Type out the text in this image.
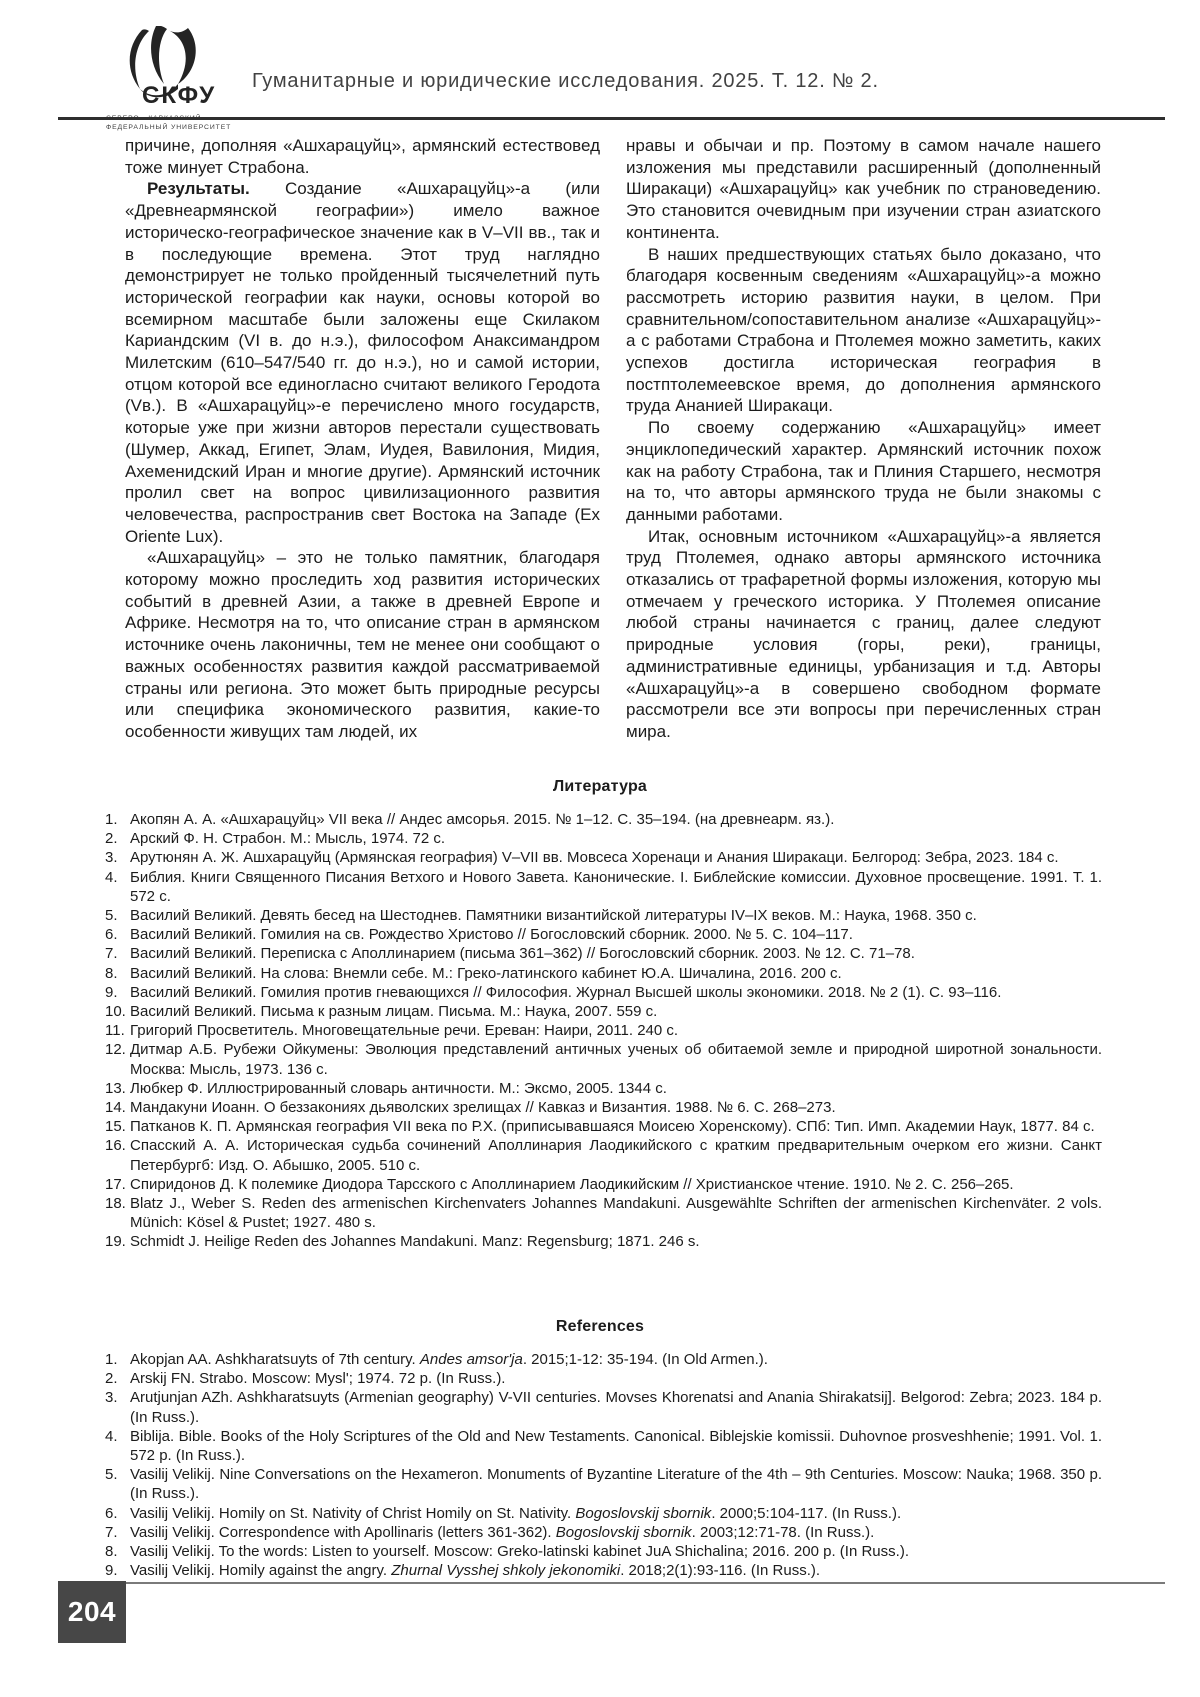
СКФУ
ФЕДЕРАЛЬНЫЙ УНИВЕРСИТЕТ
Гуманитарные и юридические исследования. 2025. Т. 12. № 2.

причине, дополняя «Ашхарацуйц», армянский естествовед тоже минует Страбона.

Результаты. Создание «Ашхарацуйц»-а (или «Древнеармянской географии») имело важное историческо-географическое значение как в V–VII вв., так и в последующие времена. Этот труд наглядно демонстрирует не только пройденный тысячелетний путь исторической географии как науки, основы которой во всемирном масштабе были заложены еще Скилаком Кариандским (VI в. до н.э.), философом Анаксимандром Милетским (610–547/540 гг. до н.э.), но и самой истории, отцом которой все единогласно считают великого Геродота (Vв.). В «Ашхарацуйц»-е перечислено много государств, которые уже при жизни авторов перестали существовать (Шумер, Аккад, Египет, Элам, Иудея, Вавилония, Мидия, Ахеменидский Иран и многие другие). Армянский источник пролил свет на вопрос цивилизационного развития человечества, распространив свет Востока на Западе (Ex Oriente Lux).

«Ашхарацуйц» – это не только памятник, благодаря которому можно проследить ход развития исторических событий в древней Азии, а также в древней Европе и Африке. Несмотря на то, что описание стран в армянском источнике очень лаконичны, тем не менее они сообщают о важных особенностях развития каждой рассматриваемой страны или региона. Это может быть природные ресурсы или специфика экономического развития, какие-то особенности живущих там людей, их

нравы и обычаи и пр. Поэтому в самом начале нашего изложения мы представили расширенный (дополненный Ширакаци) «Ашхарацуйц» как учебник по страноведению. Это становится очевидным при изучении стран азиатского континента.

В наших предшествующих статьях было доказано, что благодаря косвенным сведениям «Ашхарацуйц»-а можно рассмотреть историю развития науки, в целом. При сравнительном/сопоставительном анализе «Ашхарацуйц»-а с работами Страбона и Птолемея можно заметить, каких успехов достигла историческая география в постптолемеевское время, до дополнения армянского труда Ананией Ширакаци.

По своему содержанию «Ашхарацуйц» имеет энциклопедический характер. Армянский источник похож как на работу Страбона, так и Плиния Старшего, несмотря на то, что авторы армянского труда не были знакомы с данными работами.

Итак, основным источником «Ашхарацуйц»-а является труд Птолемея, однако авторы армянского источника отказались от трафаретной формы изложения, которую мы отмечаем у греческого историка. У Птолемея описание любой страны начинается с границ, далее следуют природные условия (горы, реки), границы, административные единицы, урбанизация и т.д. Авторы «Ашхарацуйц»-а в совершено свободном формате рассмотрели все эти вопросы при перечисленных стран мира.

Литература
1. Акопян А. А. «Ашхарацуйц» VII века // Андес амсорья. 2015. № 1–12. С. 35–194. (на древнеарм. яз.).
2. Арский Ф. Н. Страбон. М.: Мысль, 1974. 72 с.
3. Арутюнян А. Ж. Ашхарацуйц (Армянская география) V–VII вв. Мовсеса Хоренаци и Анания Ширакаци. Белгород: Зебра, 2023. 184 с.
4. Библия. Книги Священного Писания Ветхого и Нового Завета. Канонические. I. Библейские комиссии. Духовное просвещение. 1991. Т. 1. 572 с.
5. Василий Великий. Девять бесед на Шестоднев. Памятники византийской литературы IV–IX веков. М.: Наука, 1968. 350 с.
6. Василий Великий. Гомилия на св. Рождество Христово // Богословский сборник. 2000. № 5. С. 104–117.
7. Василий Великий. Переписка с Аполлинарием (письма 361–362) // Богословский сборник. 2003. № 12. С. 71–78.
8. Василий Великий. На слова: Внемли себе. М.: Греко-латинского кабинет Ю.А. Шичалина, 2016. 200 с.
9. Василий Великий. Гомилия против гневающихся // Философия. Журнал Высшей школы экономики. 2018. № 2 (1). С. 93–116.
10. Василий Великий. Письма к разным лицам. Письма. М.: Наука, 2007. 559 с.
11. Григорий Просветитель. Многовещательные речи. Ереван: Наири, 2011. 240 с.
12. Дитмар А.Б. Рубежи Ойкумены: Эволюция представлений античных ученых об обитаемой земле и природной широтной зональности. Москва: Мысль, 1973. 136 с.
13. Любкер Ф. Иллюстрированный словарь античности. М.: Эксмо, 2005. 1344 с.
14. Мандакуни Иоанн. О беззакониях дьяволских зрелищах // Кавказ и Византия. 1988. № 6. С. 268–273.
15. Патканов К. П. Армянская география VII века по Р.Х. (приписывавшаяся Моисею Хоренскому). СПб: Тип. Имп. Академии Наук, 1877. 84 с.
16. Спасский А. А. Историческая судьба сочинений Аполлинария Лаодикийского с кратким предварительным очерком его жизни. Санкт Петербургб: Изд. О. Абышко, 2005. 510 с.
17. Спиридонов Д. К полемике Диодора Тарсского с Аполлинарием Лаодикийским // Христианское чтение. 1910. № 2. С. 256–265.
18. Blatz J., Weber S. Reden des armenischen Kirchenvaters Johannes Mandakuni. Ausgewählte Schriften der armenischen Kirchenväter. 2 vols. Münich: Kösel & Pustet; 1927. 480 s.
19. Schmidt J. Heilige Reden des Johannes Mandakuni. Manz: Regensburg; 1871. 246 s.
References
1. Akopjan AA. Ashkharatsuyts of 7th century. Andes amsor'ja. 2015;1-12: 35-194. (In Old Armen.).
2. Arskij FN. Strabo. Moscow: Mysl'; 1974. 72 p. (In Russ.).
3. Arutjunjan AZh. Ashkharatsuyts (Armenian geography) V-VII centuries. Movses Khorenatsi and Anania Shirakatsij]. Belgorod: Zebra; 2023. 184 p. (In Russ.).
4. Biblija. Bible. Books of the Holy Scriptures of the Old and New Testaments. Canonical. Biblejskie komissii. Duhovnoe prosveshhenie; 1991. Vol. 1. 572 p. (In Russ.).
5. Vasilij Velikij. Nine Conversations on the Hexameron. Monuments of Byzantine Literature of the 4th – 9th Centuries. Moscow: Nauka; 1968. 350 p. (In Russ.).
6. Vasilij Velikij. Homily on St. Nativity of Christ Homily on St. Nativity. Bogoslovskij sbornik. 2000;5:104-117. (In Russ.).
7. Vasilij Velikij. Correspondence with Apollinaris (letters 361-362). Bogoslovskij sbornik. 2003;12:71-78. (In Russ.).
8. Vasilij Velikij. To the words: Listen to yourself. Moscow: Greko-latinski kabinet JuA Shichalina; 2016. 200 p. (In Russ.).
9. Vasilij Velikij. Homily against the angry. Zhurnal Vysshej shkoly jekonomiki. 2018;2(1):93-116. (In Russ.).
204
